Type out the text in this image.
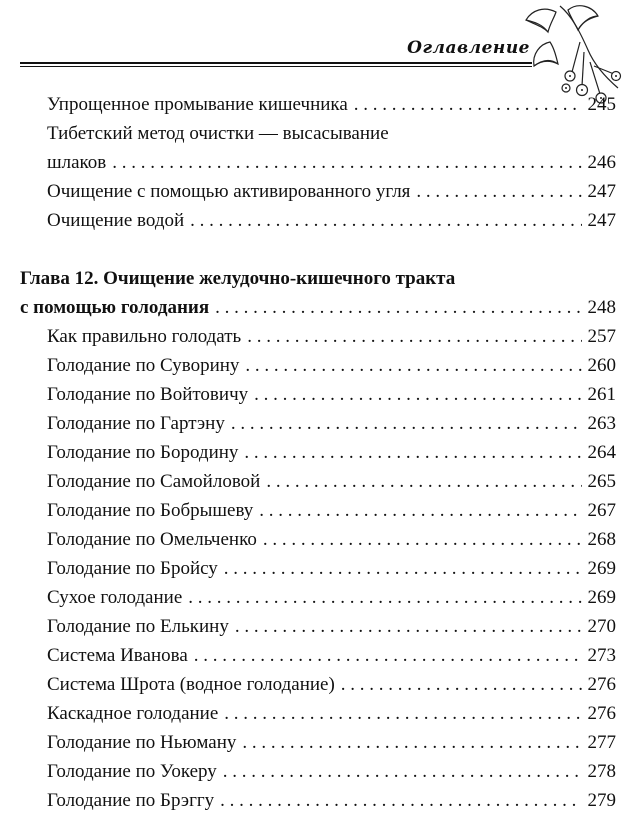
Оглавление
Упрощенное промывание кишечника . . .	245
Тибетский метод очистки — высасывание
шлаков . . .	246
Очищение с помощью активированного угля . . .	247
Очищение водой . . .	247
Глава 12. Очищение желудочно-кишечного тракта
с помощью голодания . . .	248
Как правильно голодать . . .	257
Голодание по Суворину . . .	260
Голодание по Войтовичу . . .	261
Голодание по Гартэну . . .	263
Голодание по Бородину . . .	264
Голодание по Самойловой . . .	265
Голодание по Бобрышеву . . .	267
Голодание по Омельченко . . .	268
Голодание по Бройсу . . .	269
Сухое голодание . . .	269
Голодание по Елькину . . .	270
Система Иванова . . .	273
Система Шрота (водное голодание) . . .	276
Каскадное голодание . . .	276
Голодание по Ньюману . . .	277
Голодание по Уокеру . . .	278
Голодание по Брэггу . . .	279
